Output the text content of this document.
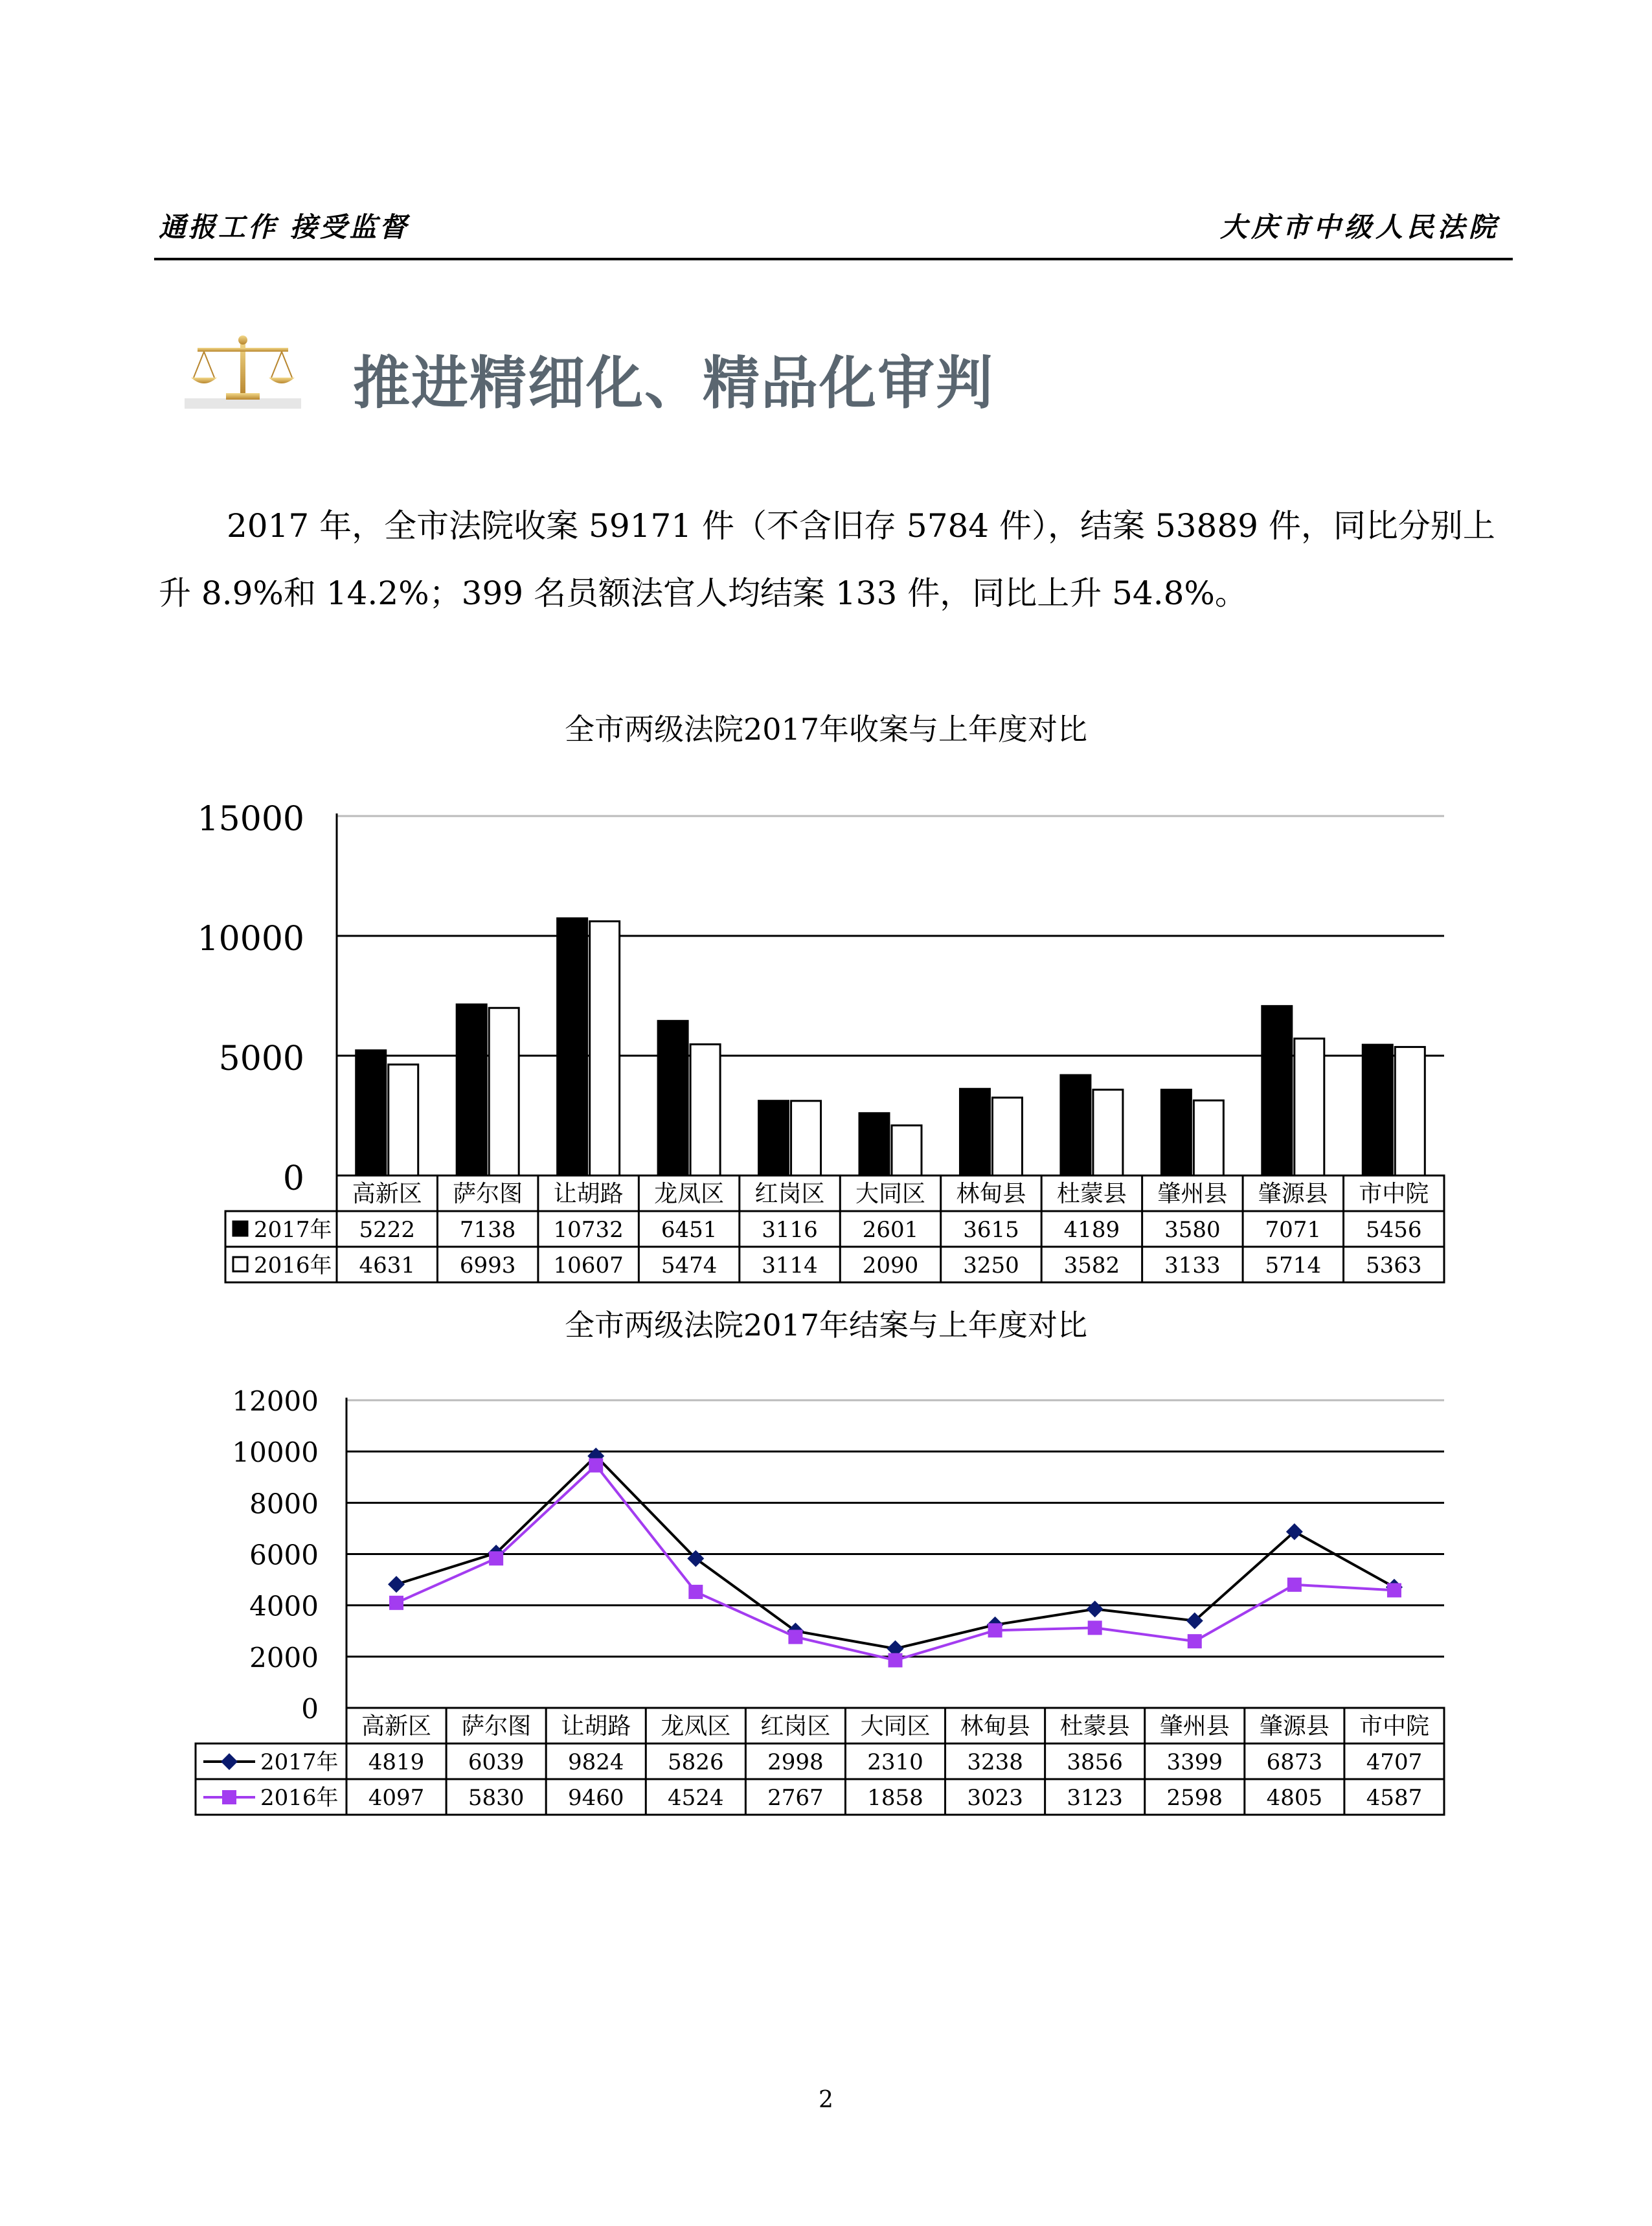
通报工作 接受监督	大庆市中级人民法院
推进精细化、精品化审判
2017 年，全市法院收案 59171 件（不含旧存 5784 件），结案 53889 件，同比分别上升 8.9%和 14.2%；399 名员额法官人均结案 133 件，同比上升 54.8%。
全市两级法院2017年收案与上年度对比
0
5000
10000
15000
高新区
5222
4631
萨尔图
7138
6993
让胡路
10732
10607
龙凤区
6451
5474
红岗区
3116
3114
大同区
2601
2090
林甸县
3615
3250
杜蒙县
4189
3582
肇州县
3580
3133
肇源县
7071
5714
市中院
5456
5363
2017年
2016年
全市两级法院2017年结案与上年度对比
0
2000
4000
6000
8000
10000
12000
高新区
4819
4097
萨尔图
6039
5830
让胡路
9824
9460
龙凤区
5826
4524
红岗区
2998
2767
大同区
2310
1858
林甸县
3238
3023
杜蒙县
3856
3123
肇州县
3399
2598
肇源县
6873
4805
市中院
4707
4587
2017年
2016年
2
